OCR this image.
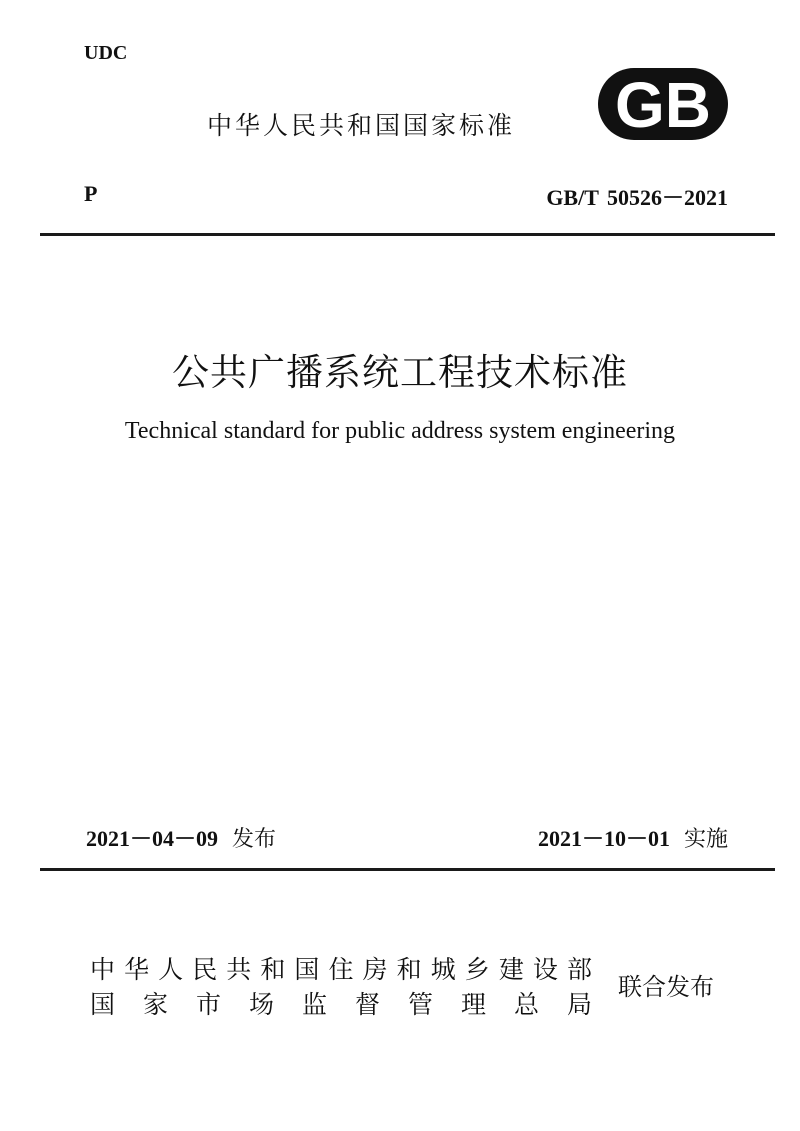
UDC
中华人民共和国国家标准 GB
P	GB/T 50526－2021
公共广播系统工程技术标准
Technical standard for public address system engineering
2021－04－09 发布	2021－10－01 实施
中华人民共和国住房和城乡建设部
国家市场监督管理总局
联合发布
